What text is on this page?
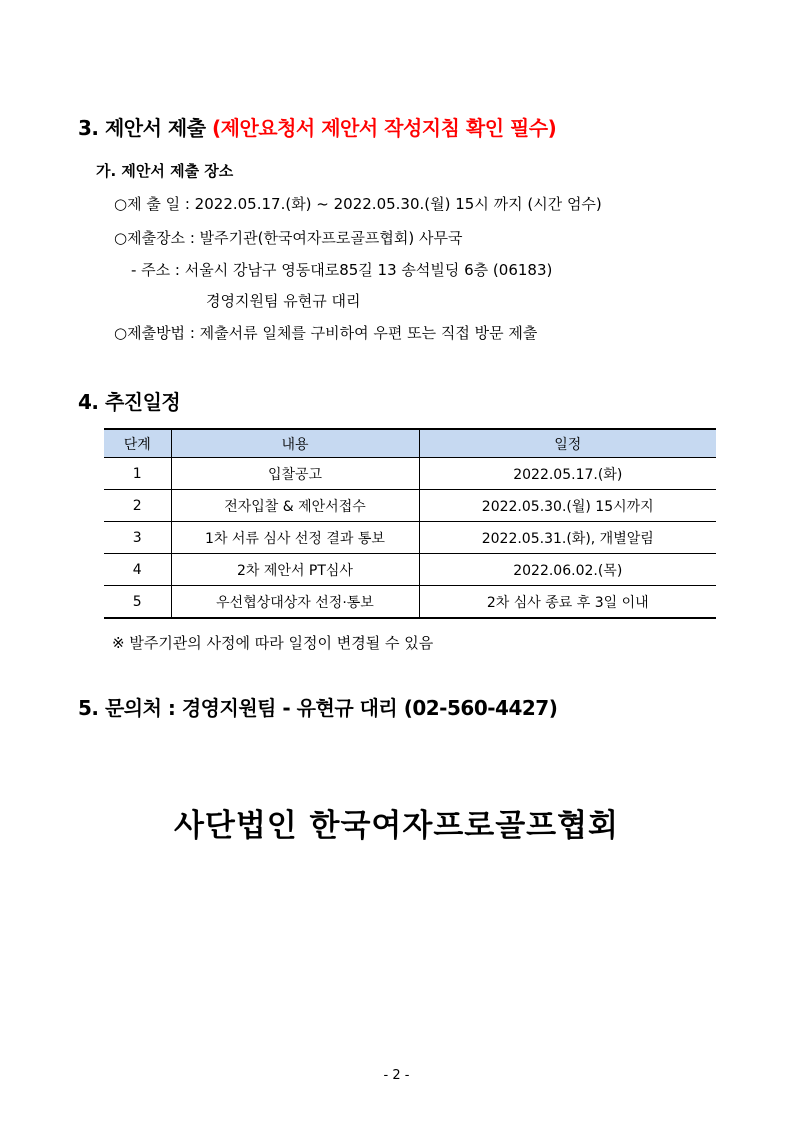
3. 제안서 제출 (제안요청서 제안서 작성지침 확인 필수)
가. 제안서 제출 장소
○제 출 일 : 2022.05.17.(화) ~ 2022.05.30.(월) 15시 까지 (시간 엄수)
○제출장소 : 발주기관(한국여자프로골프협회) 사무국
- 주소 : 서울시 강남구 영동대로85길 13 송석빌딩 6층 (06183)
경영지원팀 유현규 대리
○제출방법 : 제출서류 일체를 구비하여 우편 또는 직접 방문 제출
4. 추진일정
단계	내용	일정
1	입찰공고	2022.05.17.(화)
2	전자입찰 & 제안서접수	2022.05.30.(월) 15시까지
3	1차 서류 심사 선정 결과 통보	2022.05.31.(화), 개별알림
4	2차 제안서 PT심사	2022.06.02.(목)
5	우선협상대상자 선정·통보	2차 심사 종료 후 3일 이내
※ 발주기관의 사정에 따라 일정이 변경될 수 있음
5. 문의처 : 경영지원팀 - 유현규 대리 (02-560-4427)
사단법인 한국여자프로골프협회
- 2 -
